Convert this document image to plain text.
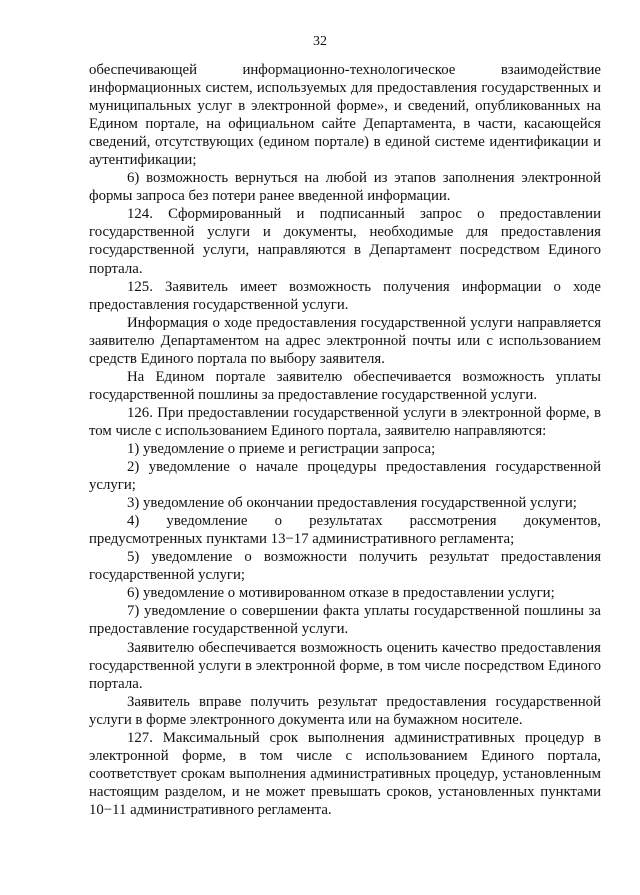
32

обеспечивающей информационно-технологическое взаимодействие информационных систем, используемых для предоставления государственных и муниципальных услуг в электронной форме», и сведений, опубликованных на Едином портале, на официальном сайте Департамента, в части, касающейся сведений, отсутствующих (едином портале) в единой системе идентификации и аутентификации;

6) возможность вернуться на любой из этапов заполнения электронной формы запроса без потери ранее введенной информации.

124. Сформированный и подписанный запрос о предоставлении государственной услуги и документы, необходимые для предоставления государственной услуги, направляются в Департамент посредством Единого портала.

125. Заявитель имеет возможность получения информации о ходе предоставления государственной услуги.

Информация о ходе предоставления государственной услуги направляется заявителю Департаментом на адрес электронной почты или с использованием средств Единого портала по выбору заявителя.

На Едином портале заявителю обеспечивается возможность уплаты государственной пошлины за предоставление государственной услуги.

126. При предоставлении государственной услуги в электронной форме, в том числе с использованием Единого портала, заявителю направляются:

1) уведомление о приеме и регистрации запроса;

2) уведомление о начале процедуры предоставления государственной услуги;

3) уведомление об окончании предоставления государственной услуги;

4) уведомление о результатах рассмотрения документов, предусмотренных пунктами 13−17 административного регламента;

5) уведомление о возможности получить результат предоставления государственной услуги;

6) уведомление о мотивированном отказе в предоставлении услуги;

7) уведомление о совершении факта уплаты государственной пошлины за предоставление государственной услуги.

Заявителю обеспечивается возможность оценить качество предоставления государственной услуги в электронной форме, в том числе посредством Единого портала.

Заявитель вправе получить результат предоставления государственной услуги в форме электронного документа или на бумажном носителе.

127. Максимальный срок выполнения административных процедур в электронной форме, в том числе с использованием Единого портала, соответствует срокам выполнения административных процедур, установленным настоящим разделом, и не может превышать сроков, установленных пунктами 10−11 административного регламента.
